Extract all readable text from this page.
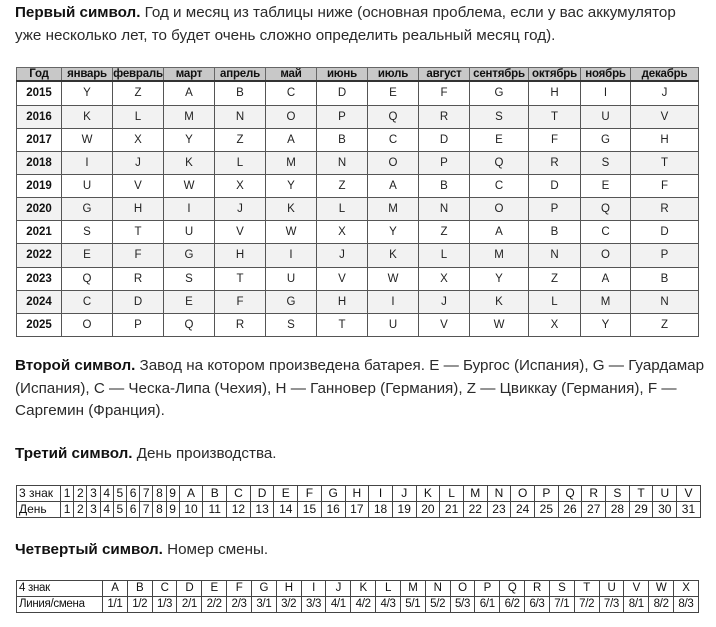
Первый символ. Год и месяц из таблицы ниже (основная проблема, если у вас аккумулятор уже несколько лет, то будет очень сложно определить реальный месяц год).

Год	январь	февраль	март	апрель	май	июнь	июль	август	сентябрь	октябрь	ноябрь	декабрь
2015	Y	Z	A	B	C	D	E	F	G	H	I	J
2016	K	L	M	N	O	P	Q	R	S	T	U	V
2017	W	X	Y	Z	A	B	C	D	E	F	G	H
2018	I	J	K	L	M	N	O	P	Q	R	S	T
2019	U	V	W	X	Y	Z	A	B	C	D	E	F
2020	G	H	I	J	K	L	M	N	O	P	Q	R
2021	S	T	U	V	W	X	Y	Z	A	B	C	D
2022	E	F	G	H	I	J	K	L	M	N	O	P
2023	Q	R	S	T	U	V	W	X	Y	Z	A	B
2024	C	D	E	F	G	H	I	J	K	L	M	N
2025	O	P	Q	R	S	T	U	V	W	X	Y	Z

Второй символ. Завод на котором произведена батарея. E — Бургос (Испания), G — Гуардамар (Испания), C — Ческа-Липа (Чехия), H — Ганновер (Германия), Z — Цвиккау (Германия), F — Саргемин (Франция).

Третий символ. День производства.

3 знак	1	2	3	4	5	6	7	8	9	A	B	C	D	E	F	G	H	I	J	K	L	M	N	O	P	Q	R	S	T	U	V
День	1	2	3	4	5	6	7	8	9	10	11	12	13	14	15	16	17	18	19	20	21	22	23	24	25	26	27	28	29	30	31

Четвертый символ. Номер смены.

4 знак	A	B	C	D	E	F	G	H	I	J	K	L	M	N	O	P	Q	R	S	T	U	V	W	X
Линия/смена	1/1	1/2	1/3	2/1	2/2	2/3	3/1	3/2	3/3	4/1	4/2	4/3	5/1	5/2	5/3	6/1	6/2	6/3	7/1	7/2	7/3	8/1	8/2	8/3
